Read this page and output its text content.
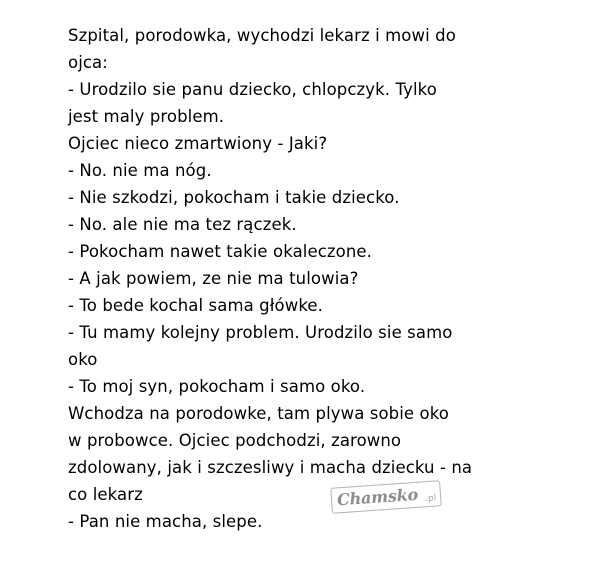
Szpital, porodowka, wychodzi lekarz i mowi do

ojca:

- Urodzilo sie panu dziecko, chlopczyk. Tylko

jest maly problem.

Ojciec nieco zmartwiony - Jaki?

- No. nie ma nóg.

- Nie szkodzi, pokocham i takie dziecko.

- No. ale nie ma tez rączek.

- Pokocham nawet takie okaleczone.

- A jak powiem, ze nie ma tulowia?

- To bede kochal sama główke.

- Tu mamy kolejny problem. Urodzilo sie samo

oko

- To moj syn, pokocham i samo oko.

Wchodza na porodowke, tam plywa sobie oko

w probowce. Ojciec podchodzi, zarowno

zdolowany, jak i szczesliwy i macha dziecku - na

co lekarz

- Pan nie macha, slepe.

Chamsko .pl
